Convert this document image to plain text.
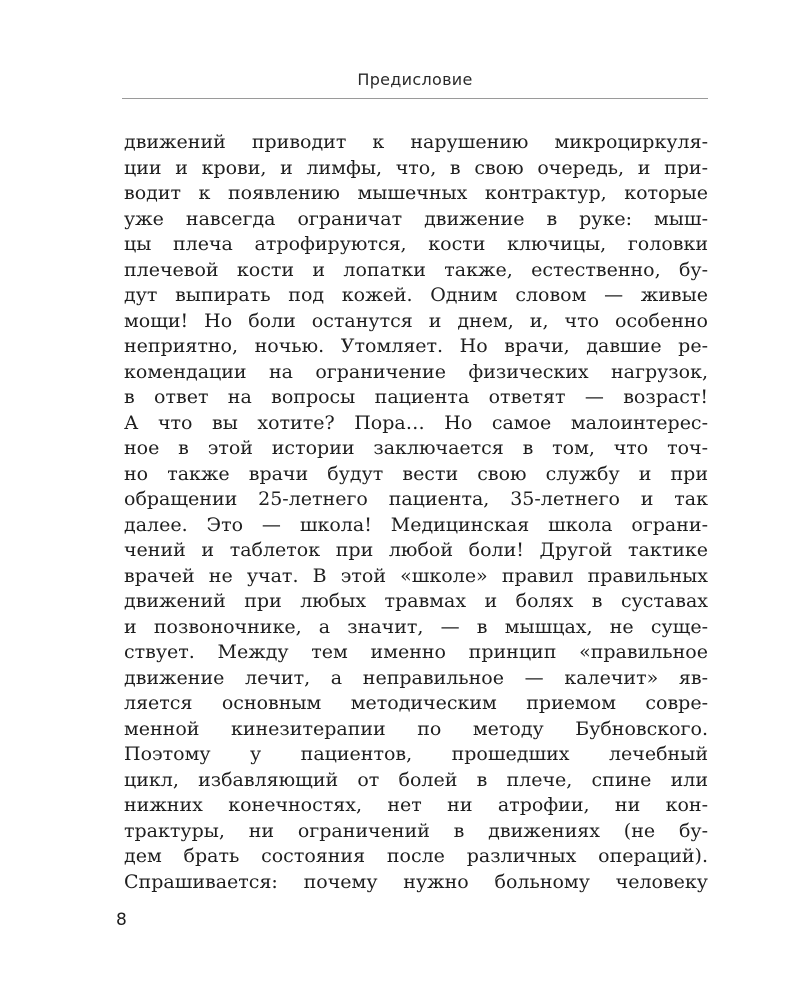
Предисловие
движений приводит к нарушению микроциркуля-
ции и крови, и лимфы, что, в свою очередь, и при-
водит к появлению мышечных контрактур, которые
уже навсегда ограничат движение в руке: мыш-
цы плеча атрофируются, кости ключицы, головки
плечевой кости и лопатки также, естественно, бу-
дут выпирать под кожей. Одним словом — живые
мощи! Но боли останутся и днем, и, что особенно
неприятно, ночью. Утомляет. Но врачи, давшие ре-
комендации на ограничение физических нагрузок,
в ответ на вопросы пациента ответят — возраст!
А что вы хотите? Пора… Но самое малоинтерес-
ное в этой истории заключается в том, что точ-
но также врачи будут вести свою службу и при
обращении 25-летнего пациента, 35-летнего и так
далее. Это — школа! Медицинская школа ограни-
чений и таблеток при любой боли! Другой тактике
врачей не учат. В этой «школе» правил правильных
движений при любых травмах и болях в суставах
и позвоночнике, а значит, — в мышцах, не суще-
ствует. Между тем именно принцип «правильное
движение лечит, а неправильное — калечит» яв-
ляется основным методическим приемом совре-
менной кинезитерапии по методу Бубновского.
Поэтому у пациентов, прошедших лечебный
цикл, избавляющий от болей в плече, спине или
нижних конечностях, нет ни атрофии, ни кон-
трактуры, ни ограничений в движениях (не бу-
дем брать состояния после различных операций).
Спрашивается: почему нужно больному человеку
8
